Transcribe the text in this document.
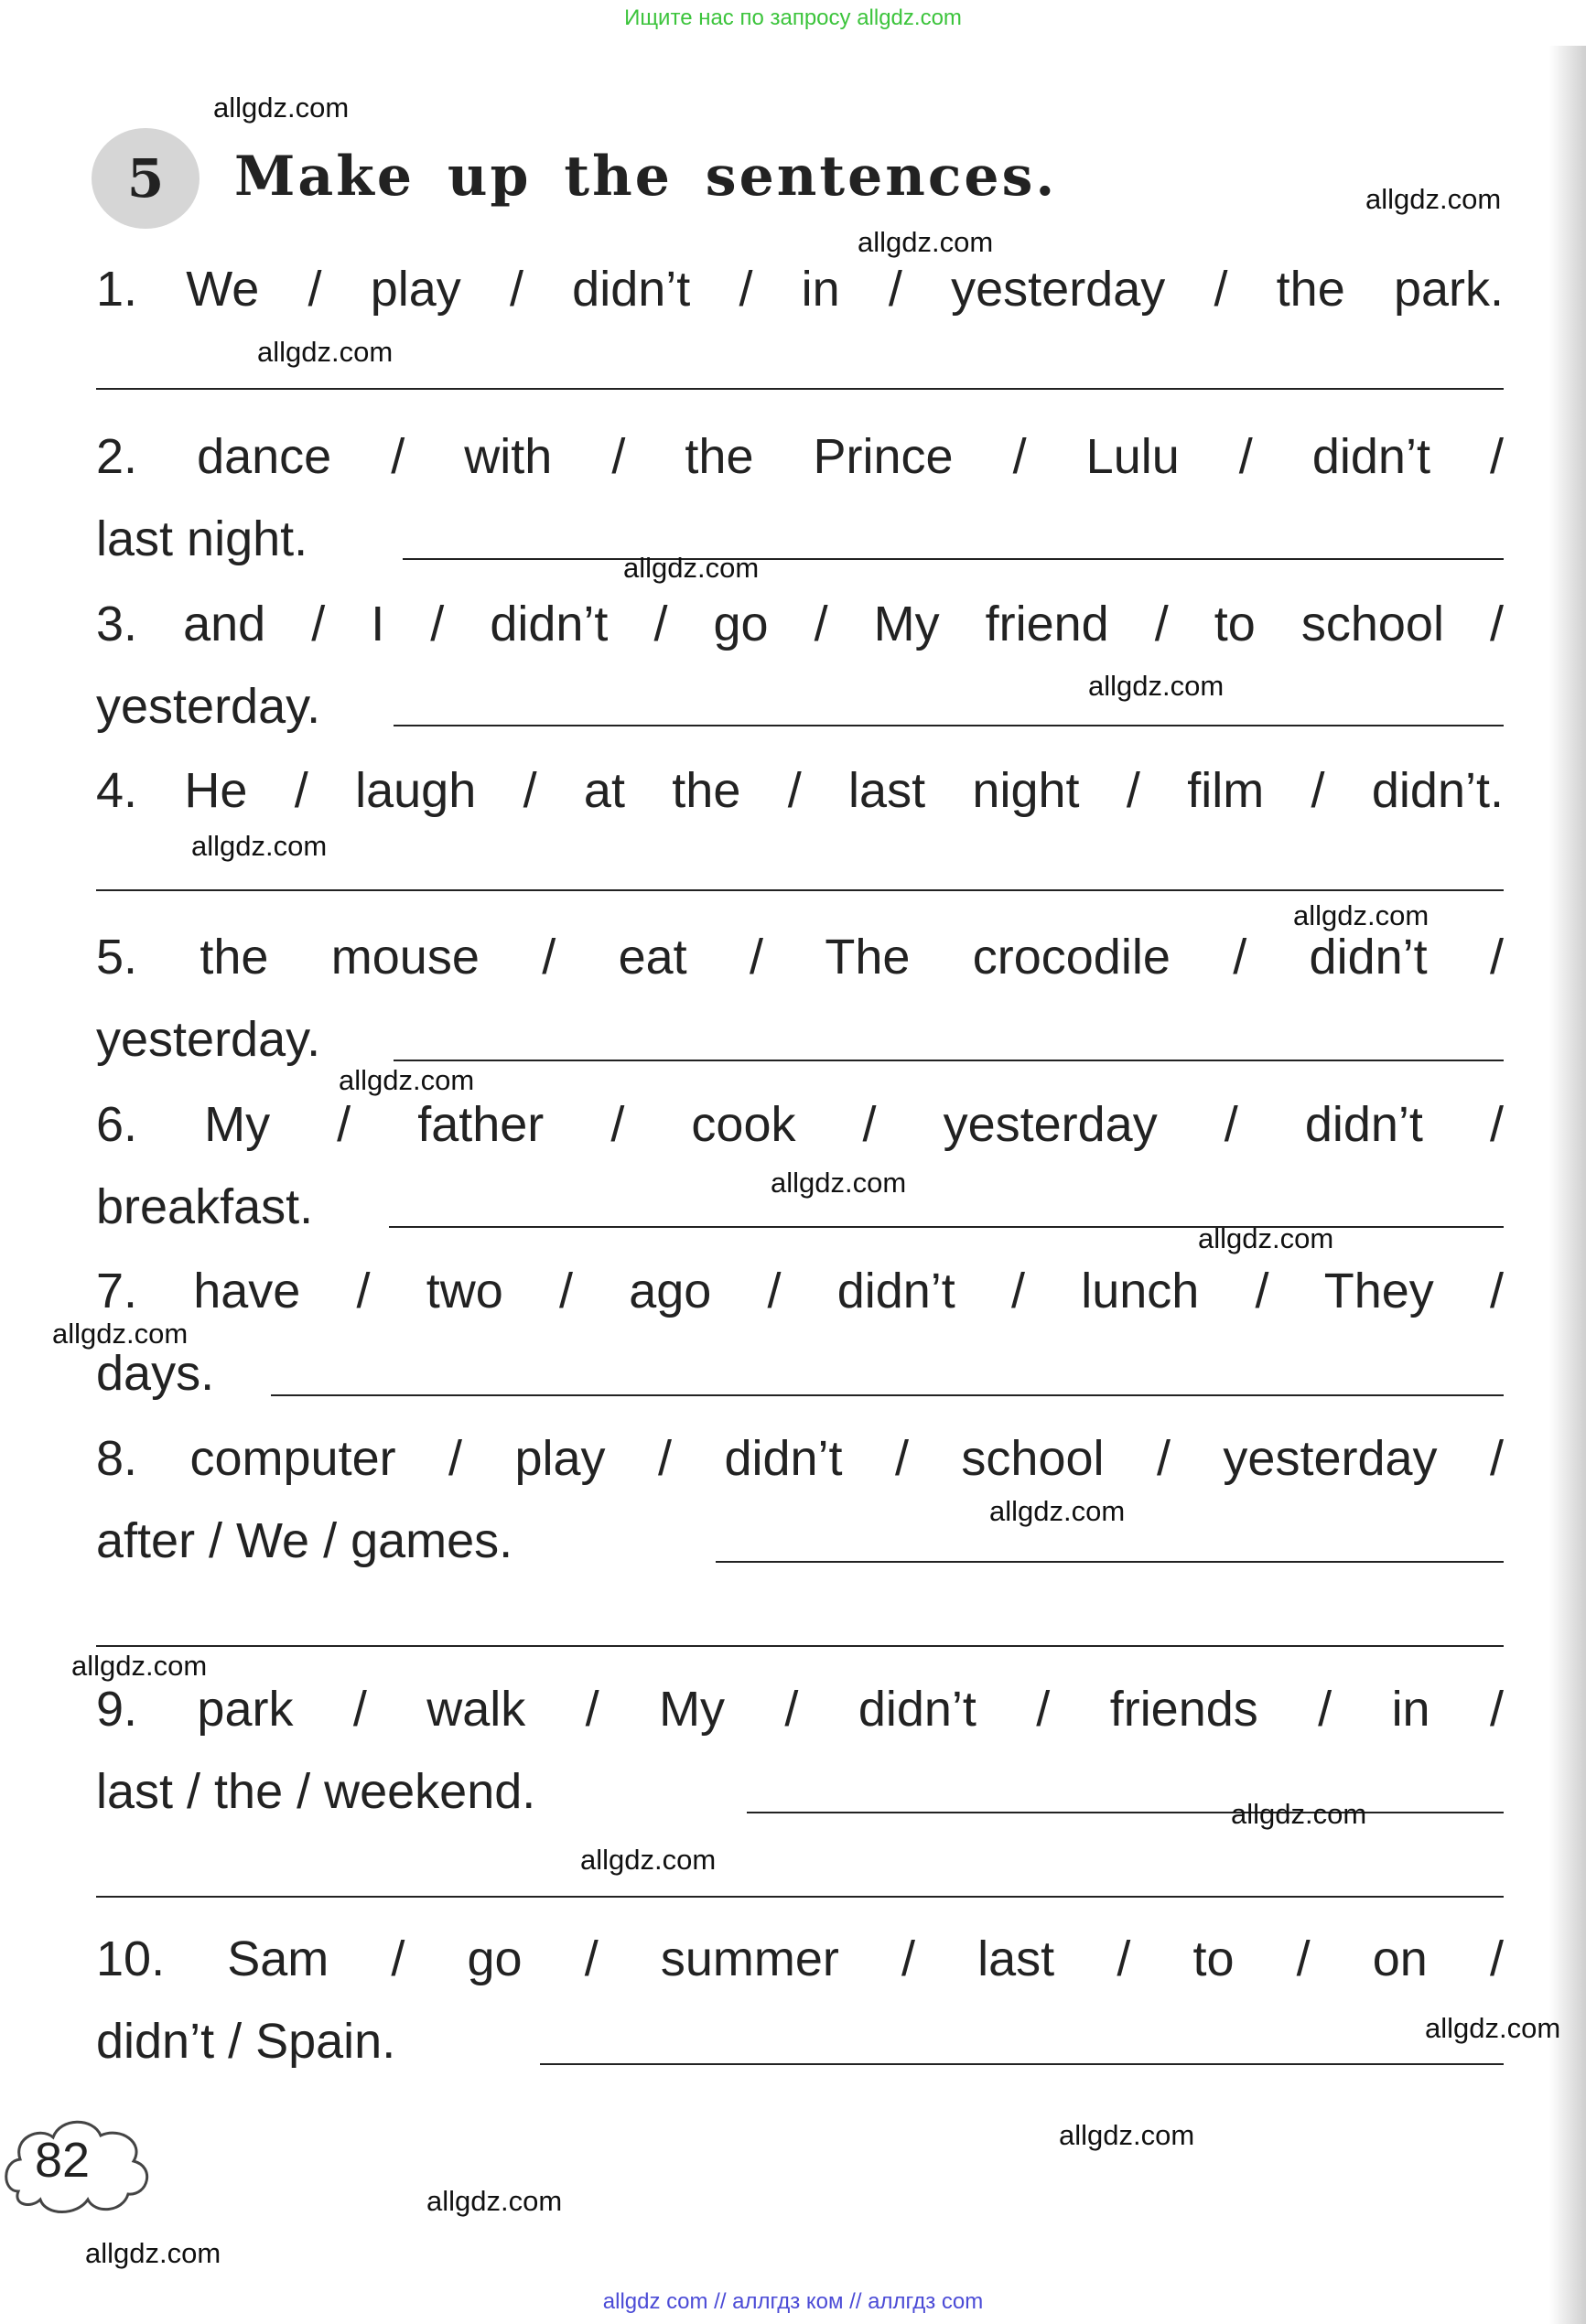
Ищите нас по запросу allgdz.com
5	Make up the sentences.
1. We / play / didn’t / in / yesterday / the park.
2. dance / with / the Prince / Lulu / didn’t /
last night.
3. and / I / didn’t / go / My friend / to school /
yesterday.
4. He / laugh / at the / last night / film / didn’t.
5. the mouse / eat / The crocodile / didn’t /
yesterday.
6. My / father / cook / yesterday / didn’t /
breakfast.
7. have / two / ago / didn’t / lunch / They /
days.
8. computer / play / didn’t / school / yesterday /
after / We / games.
9. park / walk / My / didn’t / friends / in /
last / the / weekend.
10. Sam / go / summer / last / to / on /
didn’t / Spain.
82
allgdz.com
allgdz.com
allgdz.com
allgdz.com
allgdz.com
allgdz.com
allgdz.com
allgdz.com
allgdz.com
allgdz.com
allgdz.com
allgdz.com
allgdz.com
allgdz.com
allgdz.com
allgdz.com
allgdz.com
allgdz.com
allgdz.com
allgdz.com
allgdz com // аллгдз ком // аллгдз com
